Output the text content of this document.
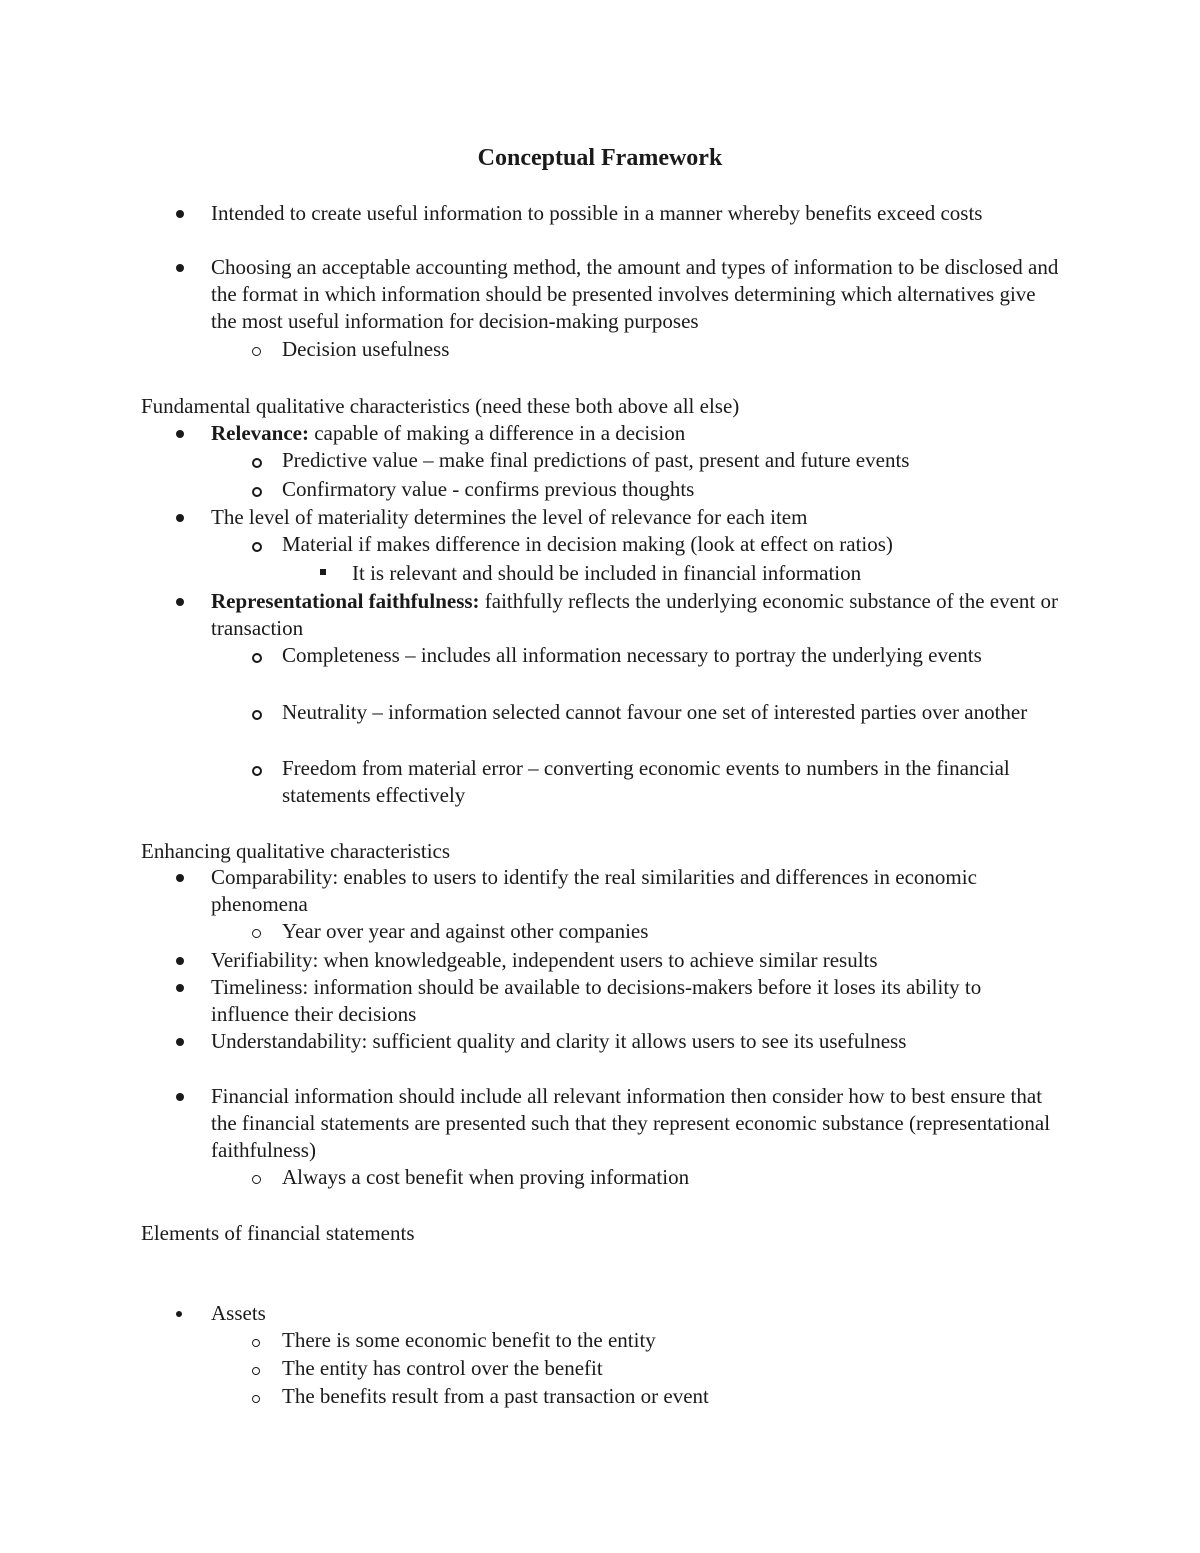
Conceptual Framework
Intended to create useful information to possible in a manner whereby benefits exceed costs
Choosing an acceptable accounting method, the amount and types of information to be disclosed and the format in which information should be presented involves determining which alternatives give the most useful information for decision-making purposes
Decision usefulness
Fundamental qualitative characteristics (need these both above all else)
Relevance: capable of making a difference in a decision
Predictive value – make final predictions of past, present and future events
Confirmatory value - confirms previous thoughts
The level of materiality determines the level of relevance for each item
Material if makes difference in decision making (look at effect on ratios)
It is relevant and should be included in financial information
Representational faithfulness: faithfully reflects the underlying economic substance of the event or transaction
Completeness – includes all information necessary to portray the underlying events
Neutrality – information selected cannot favour one set of interested parties over another
Freedom from material error – converting economic events to numbers in the financial statements effectively
Enhancing qualitative characteristics
Comparability: enables to users to identify the real similarities and differences in economic phenomena
Year over year and against other companies
Verifiability: when knowledgeable, independent users to achieve similar results
Timeliness: information should be available to decisions-makers before it loses its ability to influence their decisions
Understandability: sufficient quality and clarity it allows users to see its usefulness
Financial information should include all relevant information then consider how to best ensure that the financial statements are presented such that they represent economic substance (representational faithfulness)
Always a cost benefit when proving information
Elements of financial statements
Assets
There is some economic benefit to the entity
The entity has control over the benefit
The benefits result from a past transaction or event
